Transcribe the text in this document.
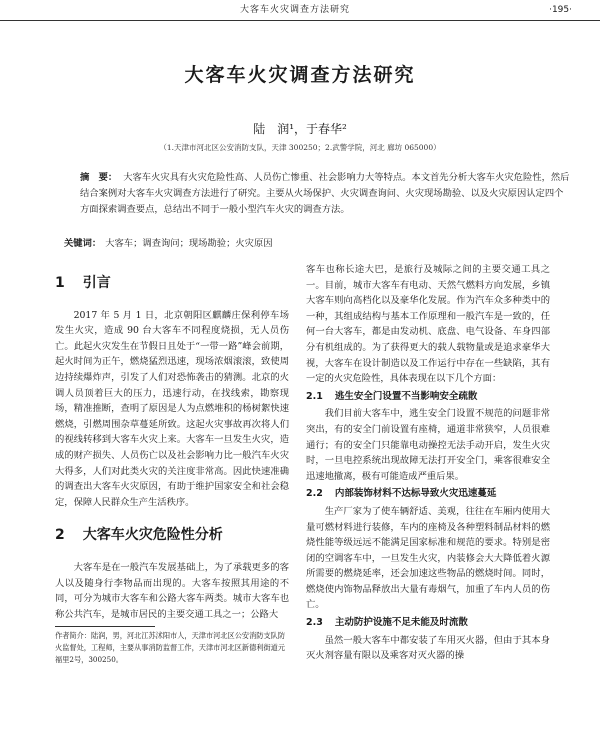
大客车火灾调查方法研究	·195·
大客车火灾调查方法研究
陆　润¹，于春华²
（1.天津市河北区公安消防支队，天津 300250；2.武警学院，河北 廊坊 065000）
摘　要： 大客车火灾具有火灾危险性高、人员伤亡惨重、社会影响力大等特点。本文首先分析大客车火灾危险性，然后结合案例对大客车火灾调查方法进行了研究。主要从火场保护、火灾调查询问、火灾现场勘验、以及火灾原因认定四个方面探索调查要点，总结出不同于一般小型汽车火灾的调查方法。
关键词： 大客车；调查询问；现场勘验；火灾原因
1 引言

2017 年 5 月 1 日，北京朝阳区麒麟庄保利停车场发生火灾，造成 90 台大客车不同程度烧损，无人员伤亡。此起火灾发生在节假日且处于“一带一路”峰会前期，起火时间为正午，燃烧猛烈迅速，现场浓烟滚滚，致使周边持续爆炸声，引发了人们对恐怖袭击的猜测。北京的火调人员顶着巨大的压力，迅速行动，在找线索，勘察现场，精准推断，查明了原因是人为点燃堆积的杨树絮快速燃烧，引燃周围杂草蔓延所致。这起火灾事故再次将人们的视线转移到大客车火灾上来。大客车一旦发生火灾，造成的财产损失、人员伤亡以及社会影响力比一般汽车火灾大得多，人们对此类火灾的关注度非常高。因此快速准确的调查出大客车火灾原因，有助于维护国家安全和社会稳定，保障人民群众生产生活秩序。

2 大客车火灾危险性分析

大客车是在一般汽车发展基础上，为了承载更多的客人以及随身行李物品而出现的。大客车按照其用途的不同，可分为城市大客车和公路大客车两类。城市大客车也称公共汽车，是城市居民的主要交通工具之一；公路大

客车也称长途大巴，是旅行及城际之间的主要交通工具之一。目前，城市大客车有电动、天然气燃料方向发展，乡镇大客车则向高档化以及豪华化发展。作为汽车众多种类中的一种，其组成结构与基本工作原理和一般汽车是一致的，任何一台大客车，都是由发动机、底盘、电气设备、车身四部分有机组成的。为了获得更大的载人载物量或是追求豪华大视，大客车在设计制造以及工作运行中存在一些缺陷，其有一定的火灾危险性，具体表现在以下几个方面：

2.1 逃生安全门设置不当影响安全疏散

我们目前大客车中，逃生安全门设置不规范的问题非常突出，有的安全门前设置有座椅，通道非常狭窄，人员很难通行；有的安全门只能靠电动操控无法手动开启，发生火灾时，一旦电控系统出现故障无法打开安全门，乘客很难安全迅速地撤离，极有可能造成严重后果。

2.2 内部装饰材料不达标导致火灾迅速蔓延

生产厂家为了使车辆舒适、美观，往往在车厢内使用大量可燃材料进行装修，车内的座椅及各种塑料制品材料的燃烧性能等级远远不能满足国家标准和规范的要求。特别是密闭的空调客车中，一旦发生火灾，内装修会大大降低着火源所需要的燃烧延率，还会加速这些物品的燃烧时间。同时，燃烧使内饰物品释放出大量有毒烟气，加重了车内人员的伤亡。

2.3 主动防护设施不足未能及时流散

虽然一般大客车中都安装了车用灭火器，但由于其本身灭火剂容量有限以及乘客对灭火器的操

作者简介：陆润，男，河北江苏沭阳市人，天津市河北区公安消防支队防火监督处，工程师，主要从事消防监督工作，天津市河北区新德利街道元福里2号，300250。
